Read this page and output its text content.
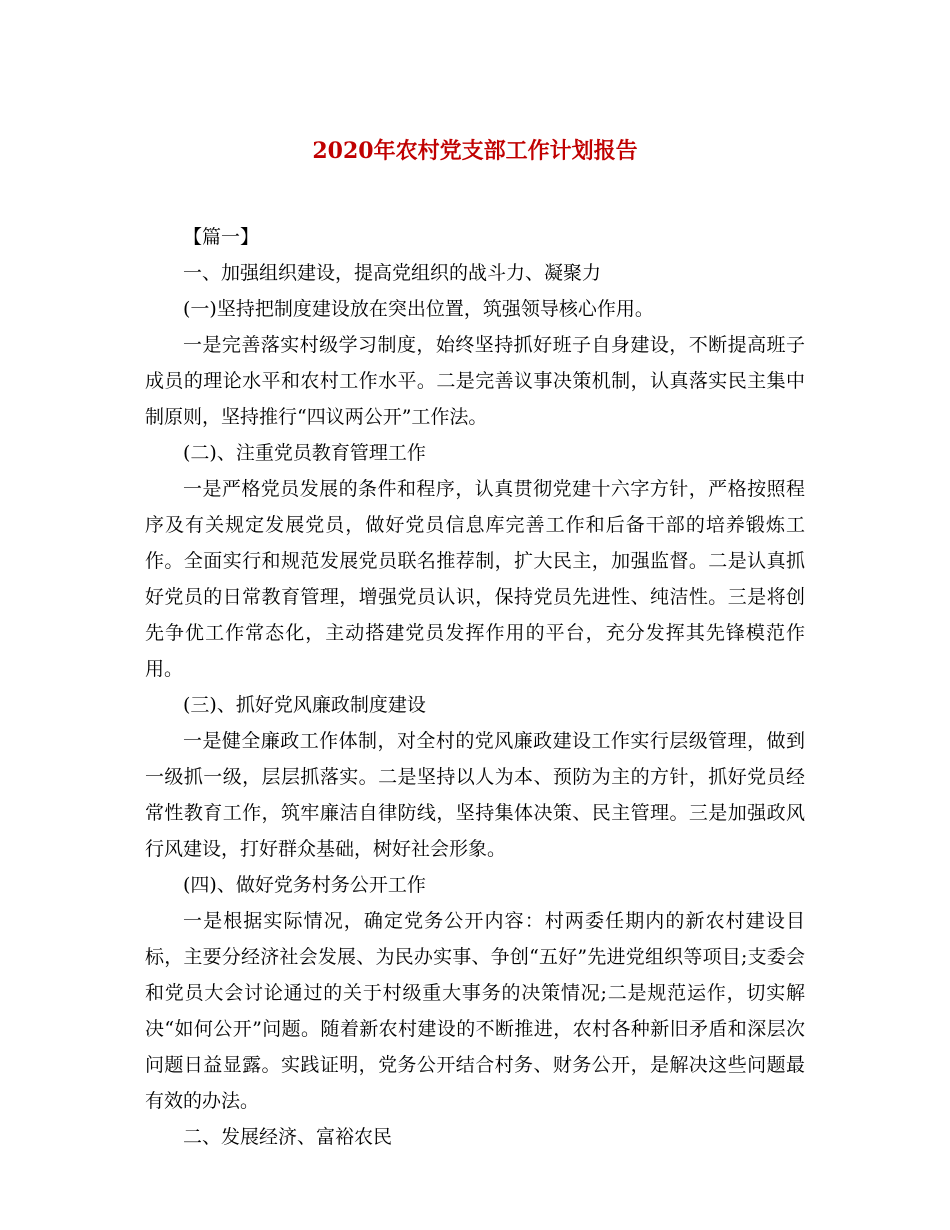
2020年农村党支部工作计划报告

【篇一】

一、加强组织建设，提高党组织的战斗力、凝聚力

(一)坚持把制度建设放在突出位置，筑强领导核心作用。

一是完善落实村级学习制度，始终坚持抓好班子自身建设，不断提高班子成员的理论水平和农村工作水平。二是完善议事决策机制，认真落实民主集中制原则，坚持推行“四议两公开”工作法。

(二)、注重党员教育管理工作

一是严格党员发展的条件和程序，认真贯彻党建十六字方针，严格按照程序及有关规定发展党员，做好党员信息库完善工作和后备干部的培养锻炼工作。全面实行和规范发展党员联名推荐制，扩大民主，加强监督。二是认真抓好党员的日常教育管理，增强党员认识，保持党员先进性、纯洁性。三是将创先争优工作常态化，主动搭建党员发挥作用的平台，充分发挥其先锋模范作用。

(三)、抓好党风廉政制度建设

一是健全廉政工作体制，对全村的党风廉政建设工作实行层级管理，做到一级抓一级，层层抓落实。二是坚持以人为本、预防为主的方针，抓好党员经常性教育工作，筑牢廉洁自律防线，坚持集体决策、民主管理。三是加强政风行风建设，打好群众基础，树好社会形象。

(四)、做好党务村务公开工作

一是根据实际情况，确定党务公开内容：村两委任期内的新农村建设目标，主要分经济社会发展、为民办实事、争创“五好”先进党组织等项目;支委会和党员大会讨论通过的关于村级重大事务的决策情况;二是规范运作，切实解决“如何公开”问题。随着新农村建设的不断推进，农村各种新旧矛盾和深层次问题日益显露。实践证明，党务公开结合村务、财务公开，是解决这些问题最有效的办法。

二、发展经济、富裕农民
